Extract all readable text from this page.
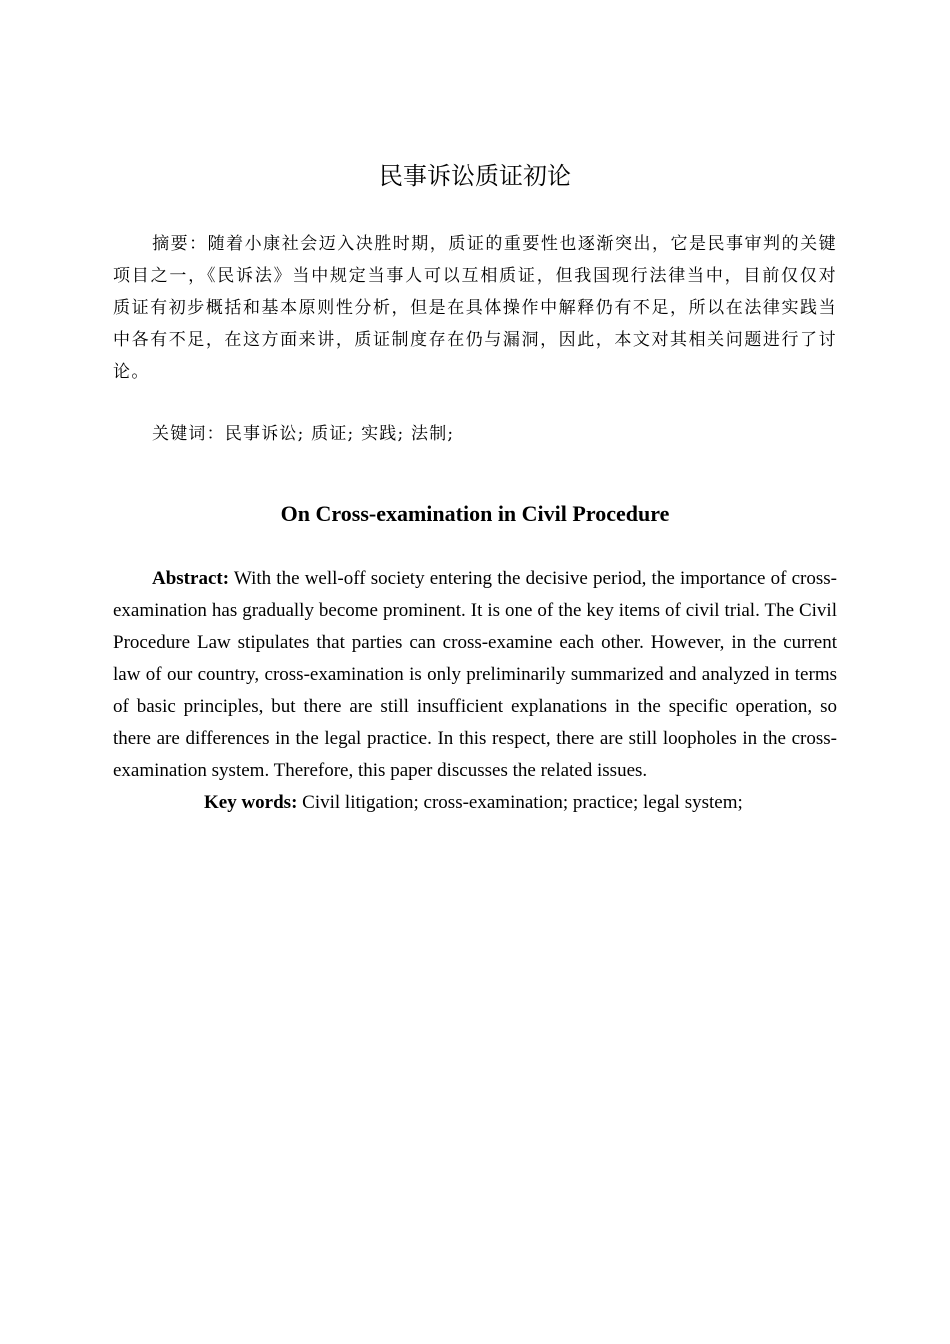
民事诉讼质证初论

摘要：随着小康社会迈入决胜时期，质证的重要性也逐渐突出，它是民事审判的关键项目之一，《民诉法》当中规定当事人可以互相质证，但我国现行法律当中，目前仅仅对质证有初步概括和基本原则性分析，但是在具体操作中解释仍有不足，所以在法律实践当中各有不足，在这方面来讲，质证制度存在仍与漏洞，因此，本文对其相关问题进行了讨论。

关键词：民事诉讼; 质证; 实践; 法制;

On Cross-examination in Civil Procedure

Abstract: With the well-off society entering the decisive period, the importance of cross-examination has gradually become prominent. It is one of the key items of civil trial. The Civil Procedure Law stipulates that parties can cross-examine each other. However, in the current law of our country, cross-examination is only preliminarily summarized and analyzed in terms of basic principles, but there are still insufficient explanations in the specific operation, so there are differences in the legal practice. In this respect, there are still loopholes in the cross-examination system. Therefore, this paper discusses the related issues.

Key words: Civil litigation; cross-examination; practice; legal system;
